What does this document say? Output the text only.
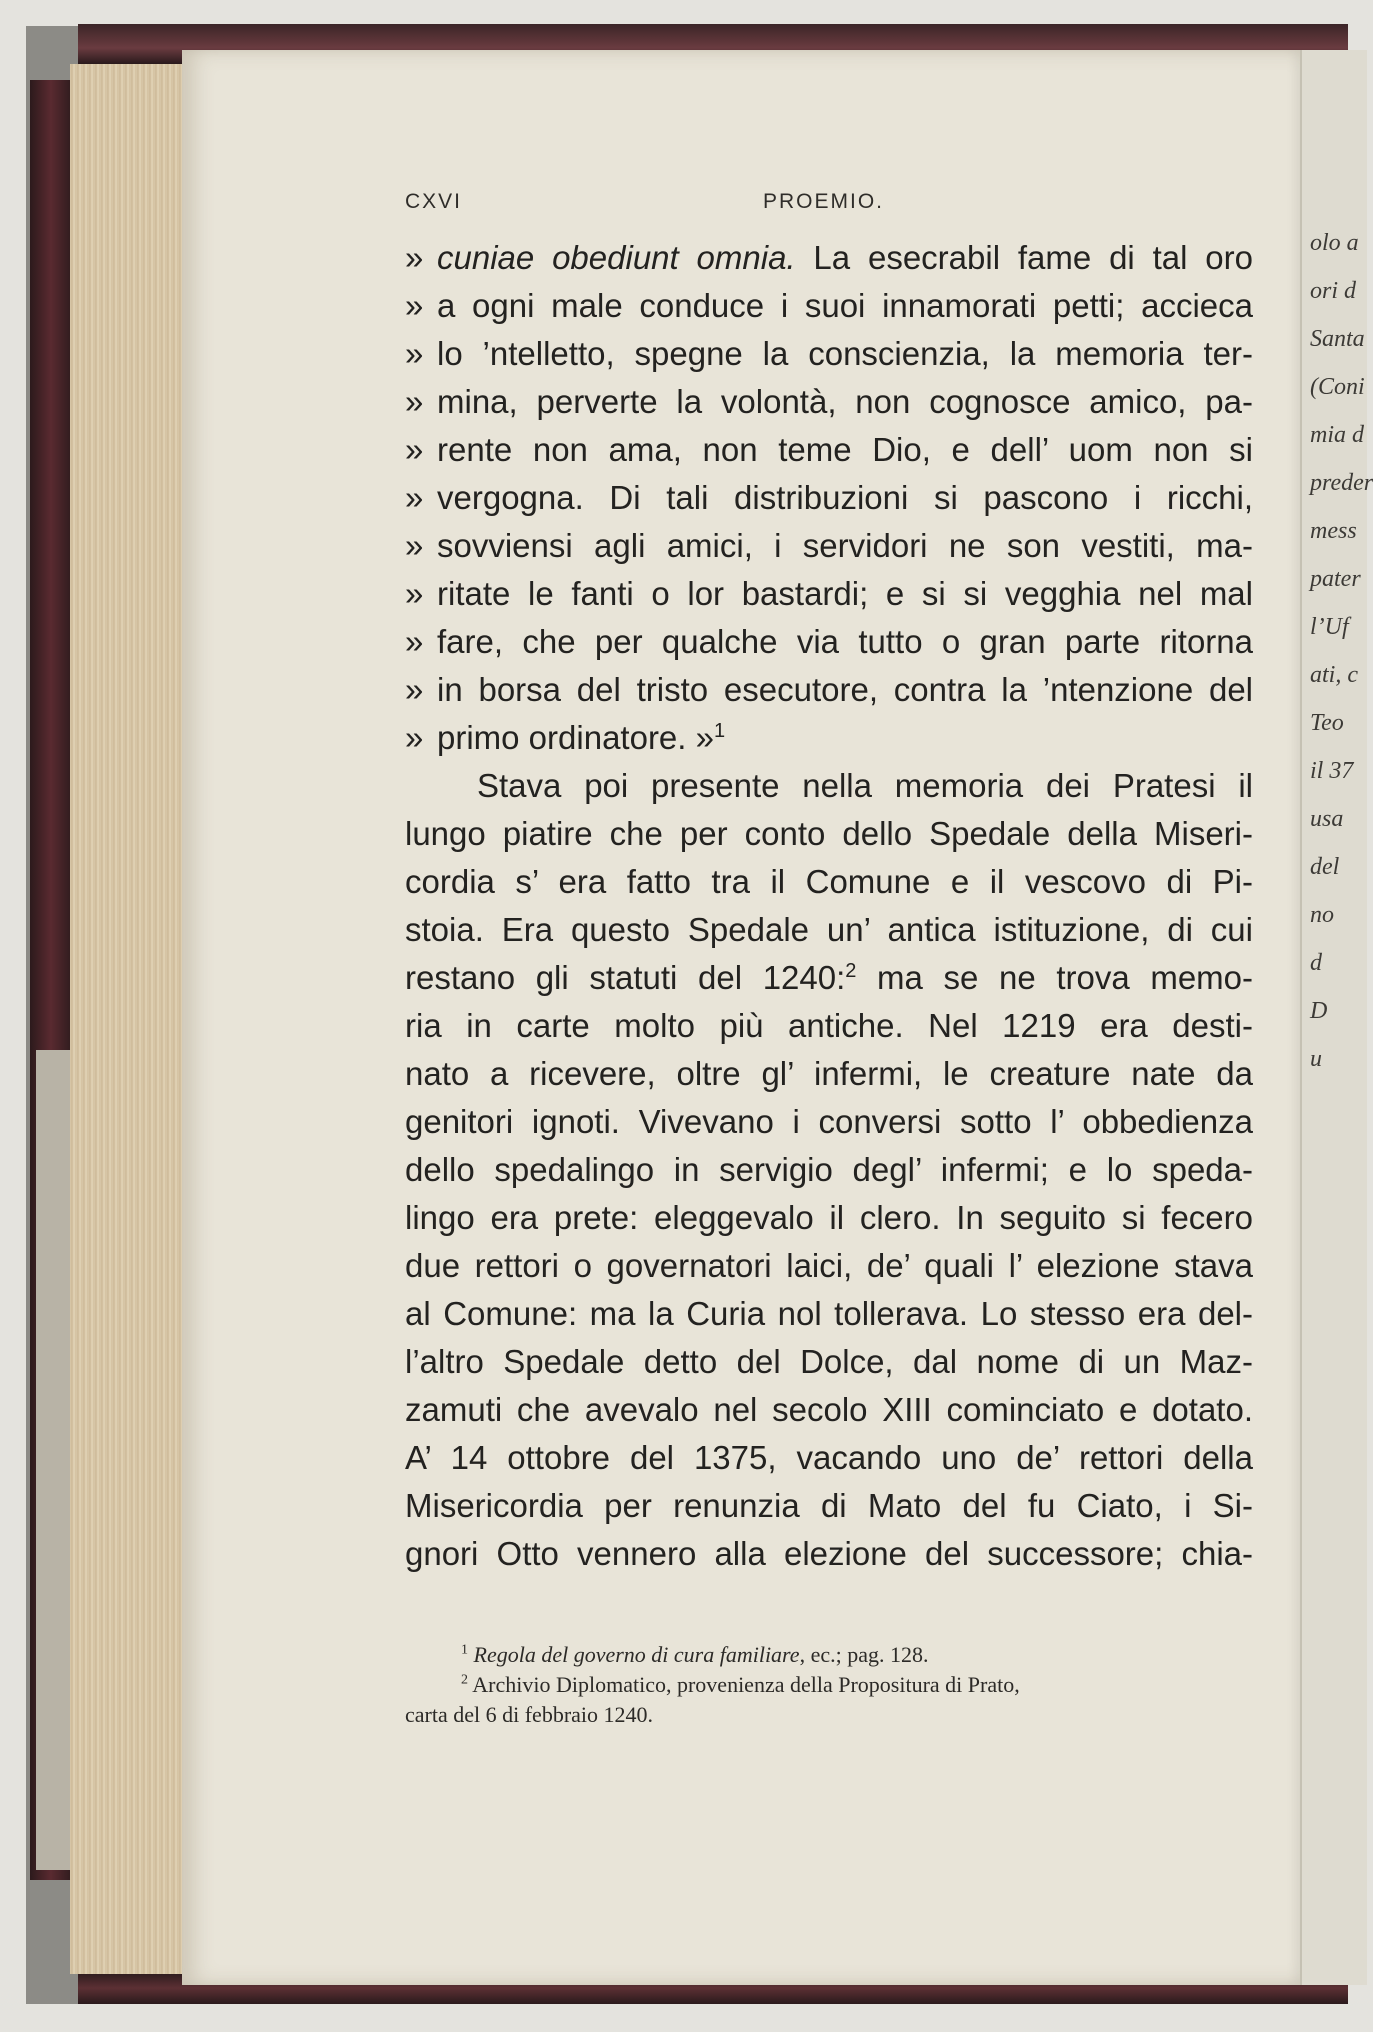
olo a
ori d
Santa
(Coni
mia d
preder
mess
pater
l’Uf
ati, c
Teo
il 37
usa
del
no
d
D
u
CXVI	PROEMIO.
» cuniae obediunt omnia. La esecrabil fame di tal oro
» a ogni male conduce i suoi innamorati petti; accieca
» lo ’ntelletto, spegne la conscienzia, la memoria ter-
» mina, perverte la volontà, non cognosce amico, pa-
» rente non ama, non teme Dio, e dell’ uom non si
» vergogna. Di tali distribuzioni si pascono i ricchi,
» sovviensi agli amici, i servidori ne son vestiti, ma-
» ritate le fanti o lor bastardi; e si si vegghia nel mal
» fare, che per qualche via tutto o gran parte ritorna
» in borsa del tristo esecutore, contra la ’ntenzione del
» primo ordinatore. »$^1$
Stava poi presente nella memoria dei Pratesi il
lungo piatire che per conto dello Spedale della Miseri-
cordia s’ era fatto tra il Comune e il vescovo di Pi-
stoia. Era questo Spedale un’ antica istituzione, di cui
restano gli statuti del 1240:$^2$ ma se ne trova memo-
ria in carte molto più antiche. Nel 1219 era desti-
nato a ricevere, oltre gl’ infermi, le creature nate da
genitori ignoti. Vivevano i conversi sotto l’ obbedienza
dello spedalingo in servigio degl’ infermi; e lo speda-
lingo era prete: eleggevalo il clero. In seguito si fecero
due rettori o governatori laici, de’ quali l’ elezione stava
al Comune: ma la Curia nol tollerava. Lo stesso era del-
l’altro Spedale detto del Dolce, dal nome di un Maz-
zamuti che avevalo nel secolo XIII cominciato e dotato.
A’ 14 ottobre del 1375, vacando uno de’ rettori della
Misericordia per renunzia di Mato del fu Ciato, i Si-
gnori Otto vennero alla elezione del successore; chia-
$^1$ Regola del governo di cura familiare, ec.; pag. 128.
$^2$ Archivio Diplomatico, provenienza della Propositura di Prato,
carta del 6 di febbraio 1240.
